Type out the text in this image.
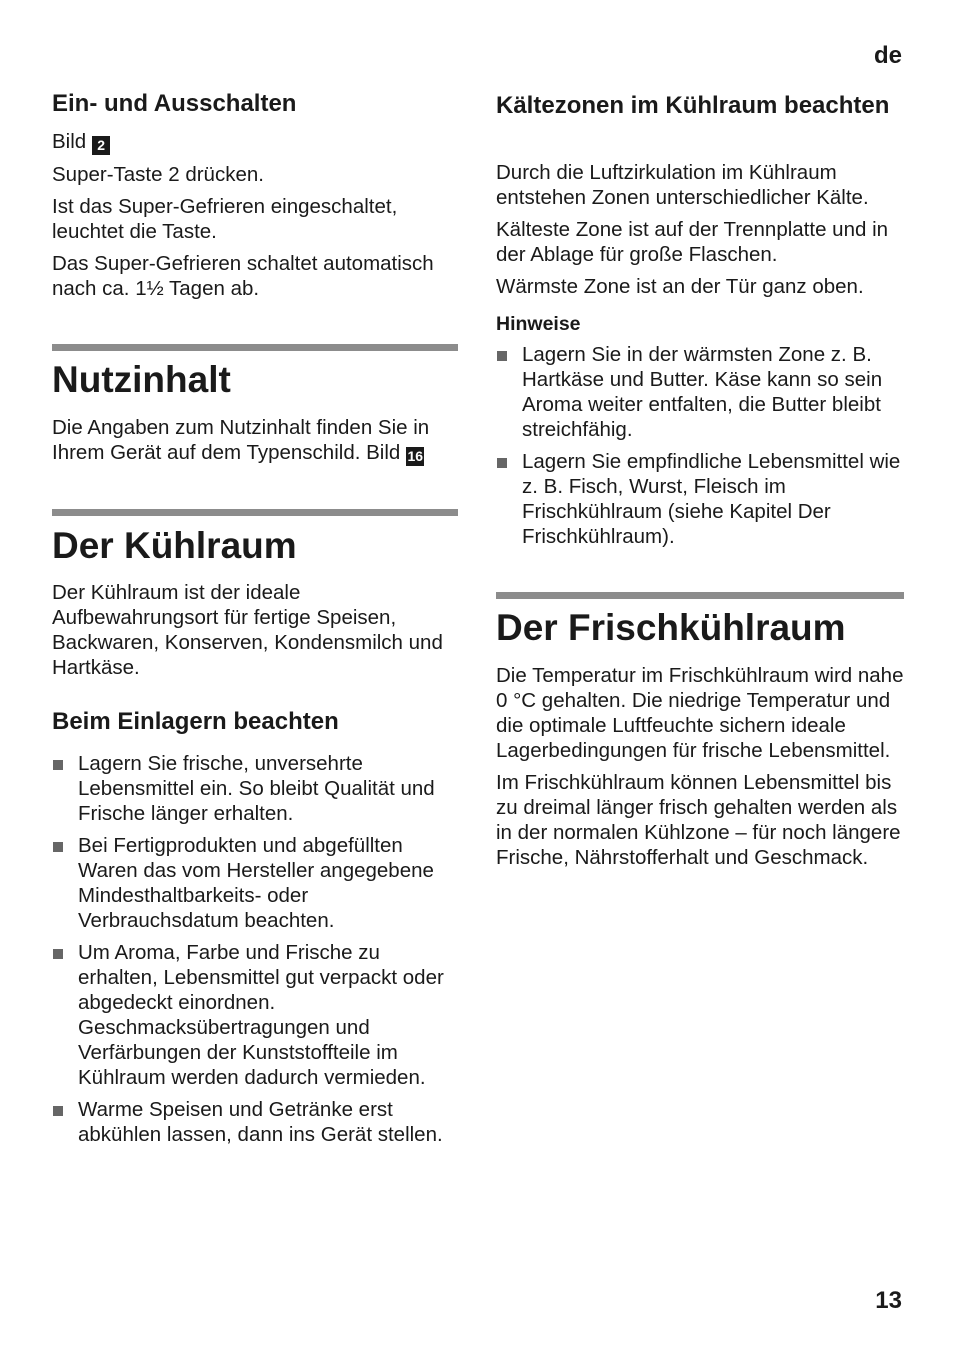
de
Ein- und Ausschalten

Bild 2

Super-Taste 2 drücken.

Ist das Super-Gefrieren eingeschaltet, leuchtet die Taste.

Das Super-Gefrieren schaltet automatisch nach ca. 1½ Tagen ab.

Nutzinhalt

Die Angaben zum Nutzinhalt finden Sie in Ihrem Gerät auf dem Typenschild. Bild 16

Der Kühlraum

Der Kühlraum ist der ideale Aufbewahrungsort für fertige Speisen, Backwaren, Konserven, Kondensmilch und Hartkäse.

Beim Einlagern beachten
Lagern Sie frische, unversehrte Lebensmittel ein. So bleibt Qualität und Frische länger erhalten.
Bei Fertigprodukten und abgefüllten Waren das vom Hersteller angegebene Mindesthaltbarkeits- oder Verbrauchsdatum beachten.
Um Aroma, Farbe und Frische zu erhalten, Lebensmittel gut verpackt oder abgedeckt einordnen. Geschmacksübertragungen und Verfärbungen der Kunststoffteile im Kühlraum werden dadurch vermieden.
Warme Speisen und Getränke erst abkühlen lassen, dann ins Gerät stellen.
Kältezonen im Kühlraum beachten

Durch die Luftzirkulation im Kühlraum entstehen Zonen unterschiedlicher Kälte.

Kälteste Zone ist auf der Trennplatte und in der Ablage für große Flaschen.

Wärmste Zone ist an der Tür ganz oben.

Hinweise
Lagern Sie in der wärmsten Zone z. B. Hartkäse und Butter. Käse kann so sein Aroma weiter entfalten, die Butter bleibt streichfähig.
Lagern Sie empfindliche Lebensmittel wie z. B. Fisch, Wurst, Fleisch im Frischkühlraum (siehe Kapitel Der Frischkühlraum).
Der Frischkühlraum

Die Temperatur im Frischkühlraum wird nahe 0 °C gehalten. Die niedrige Temperatur und die optimale Luftfeuchte sichern ideale Lagerbedingungen für frische Lebensmittel.

Im Frischkühlraum können Lebensmittel bis zu dreimal länger frisch gehalten werden als in der normalen Kühlzone – für noch längere Frische, Nährstofferhalt und Geschmack.

13
